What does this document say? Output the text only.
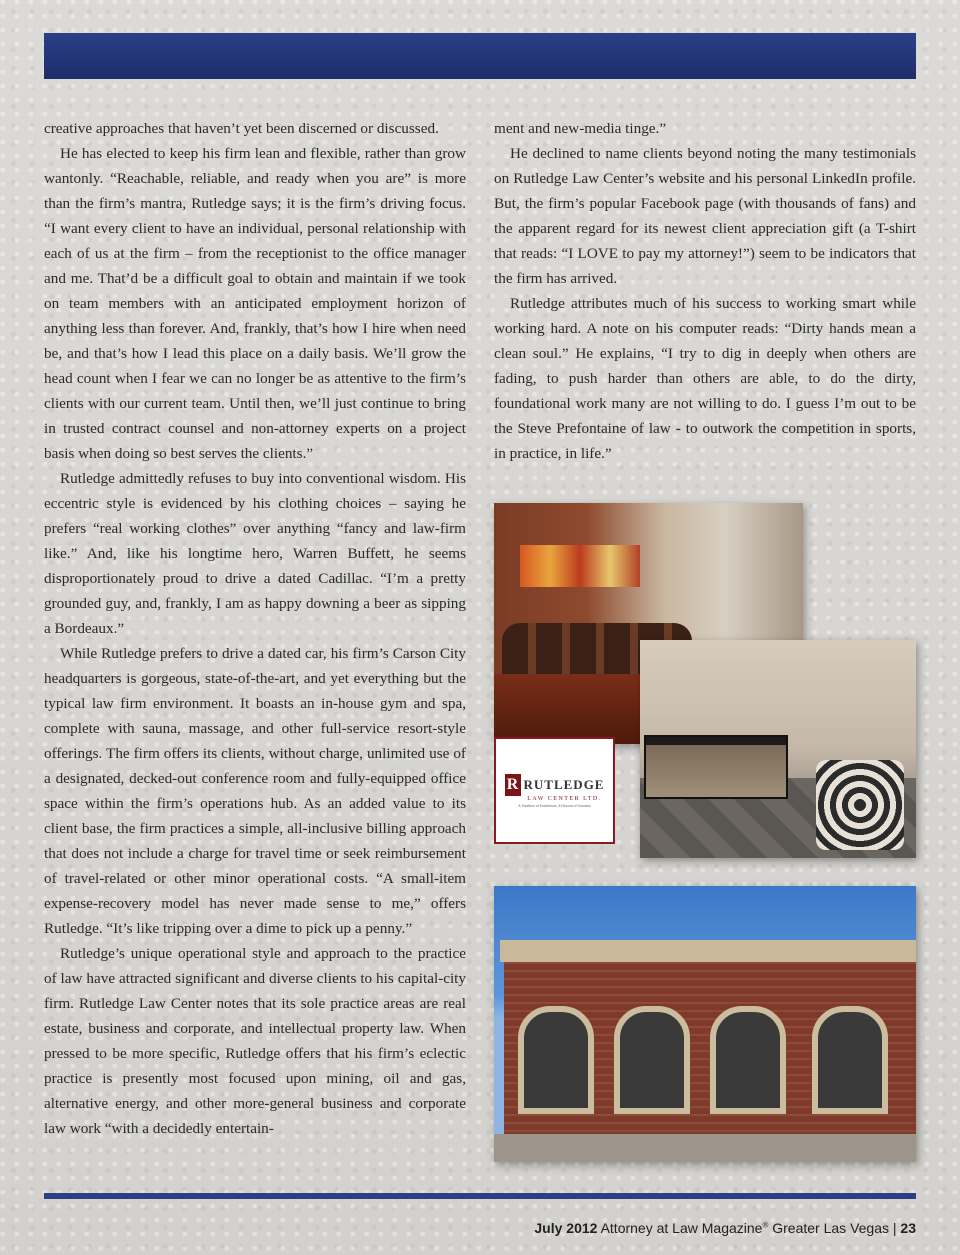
creative approaches that haven’t yet been discerned or discussed.

He has elected to keep his firm lean and flexible, rather than grow wantonly. “Reachable, reliable, and ready when you are” is more than the firm’s mantra, Rutledge says; it is the firm’s driving focus. “I want every client to have an individual, personal relationship with each of us at the firm – from the receptionist to the office manager and me. That’d be a difficult goal to obtain and maintain if we took on team members with an anticipated employment horizon of anything less than forever. And, frankly, that’s how I hire when need be, and that’s how I lead this place on a daily basis. We’ll grow the head count when I fear we can no longer be as attentive to the firm’s clients with our current team. Until then, we’ll just continue to bring in trusted contract counsel and non-attorney experts on a project basis when doing so best serves the clients.”

Rutledge admittedly refuses to buy into conventional wisdom. His eccentric style is evidenced by his clothing choices – saying he prefers “real working clothes” over anything “fancy and law-firm like.” And, like his longtime hero, Warren Buffett, he seems disproportionately proud to drive a dated Cadillac. “I’m a pretty grounded guy, and, frankly, I am as happy downing a beer as sipping a Bordeaux.”

While Rutledge prefers to drive a dated car, his firm’s Carson City headquarters is gorgeous, state-of-the-art, and yet everything but the typical law firm environment. It boasts an in-house gym and spa, complete with sauna, massage, and other full-service resort-style offerings. The firm offers its clients, without charge, unlimited use of a designated, decked-out conference room and fully-equipped office space within the firm’s operations hub. As an added value to its client base, the firm practices a simple, all-inclusive billing approach that does not include a charge for travel time or seek reimbursement of travel-related or other minor operational costs. “A small-item expense-recovery model has never made sense to me,” offers Rutledge. “It’s like tripping over a dime to pick up a penny.”

Rutledge’s unique operational style and approach to the practice of law have attracted significant and diverse clients to his capital-city firm. Rutledge Law Center notes that its sole practice areas are real estate, business and corporate, and intellectual property law. When pressed to be more specific, Rutledge offers that his firm’s eclectic practice is presently most focused upon mining, oil and gas, alternative energy, and other more-general business and corporate law work “with a decidedly entertain-

ment and new-media tinge.”

He declined to name clients beyond noting the many testimonials on Rutledge Law Center’s website and his personal LinkedIn profile. But, the firm’s popular Facebook page (with thousands of fans) and the apparent regard for its newest client appreciation gift (a T-shirt that reads: “I LOVE to pay my attorney!”) seem to be indicators that the firm has arrived.

Rutledge attributes much of his success to working smart while working hard. A note on his computer reads: “Dirty hands mean a clean soul.” He explains, “I try to dig in deeply when others are fading, to push harder than others are able, to do the dirty, foundational work many are not willing to do. I guess I’m out to be the Steve Prefontaine of law - to outwork the competition in sports, in practice, in life.”

R RUTLEDGE
LAW CENTER LTD.
A Tradition of Excellence, A Record of Success
July 2012 Attorney at Law Magazine® Greater Las Vegas | 23
